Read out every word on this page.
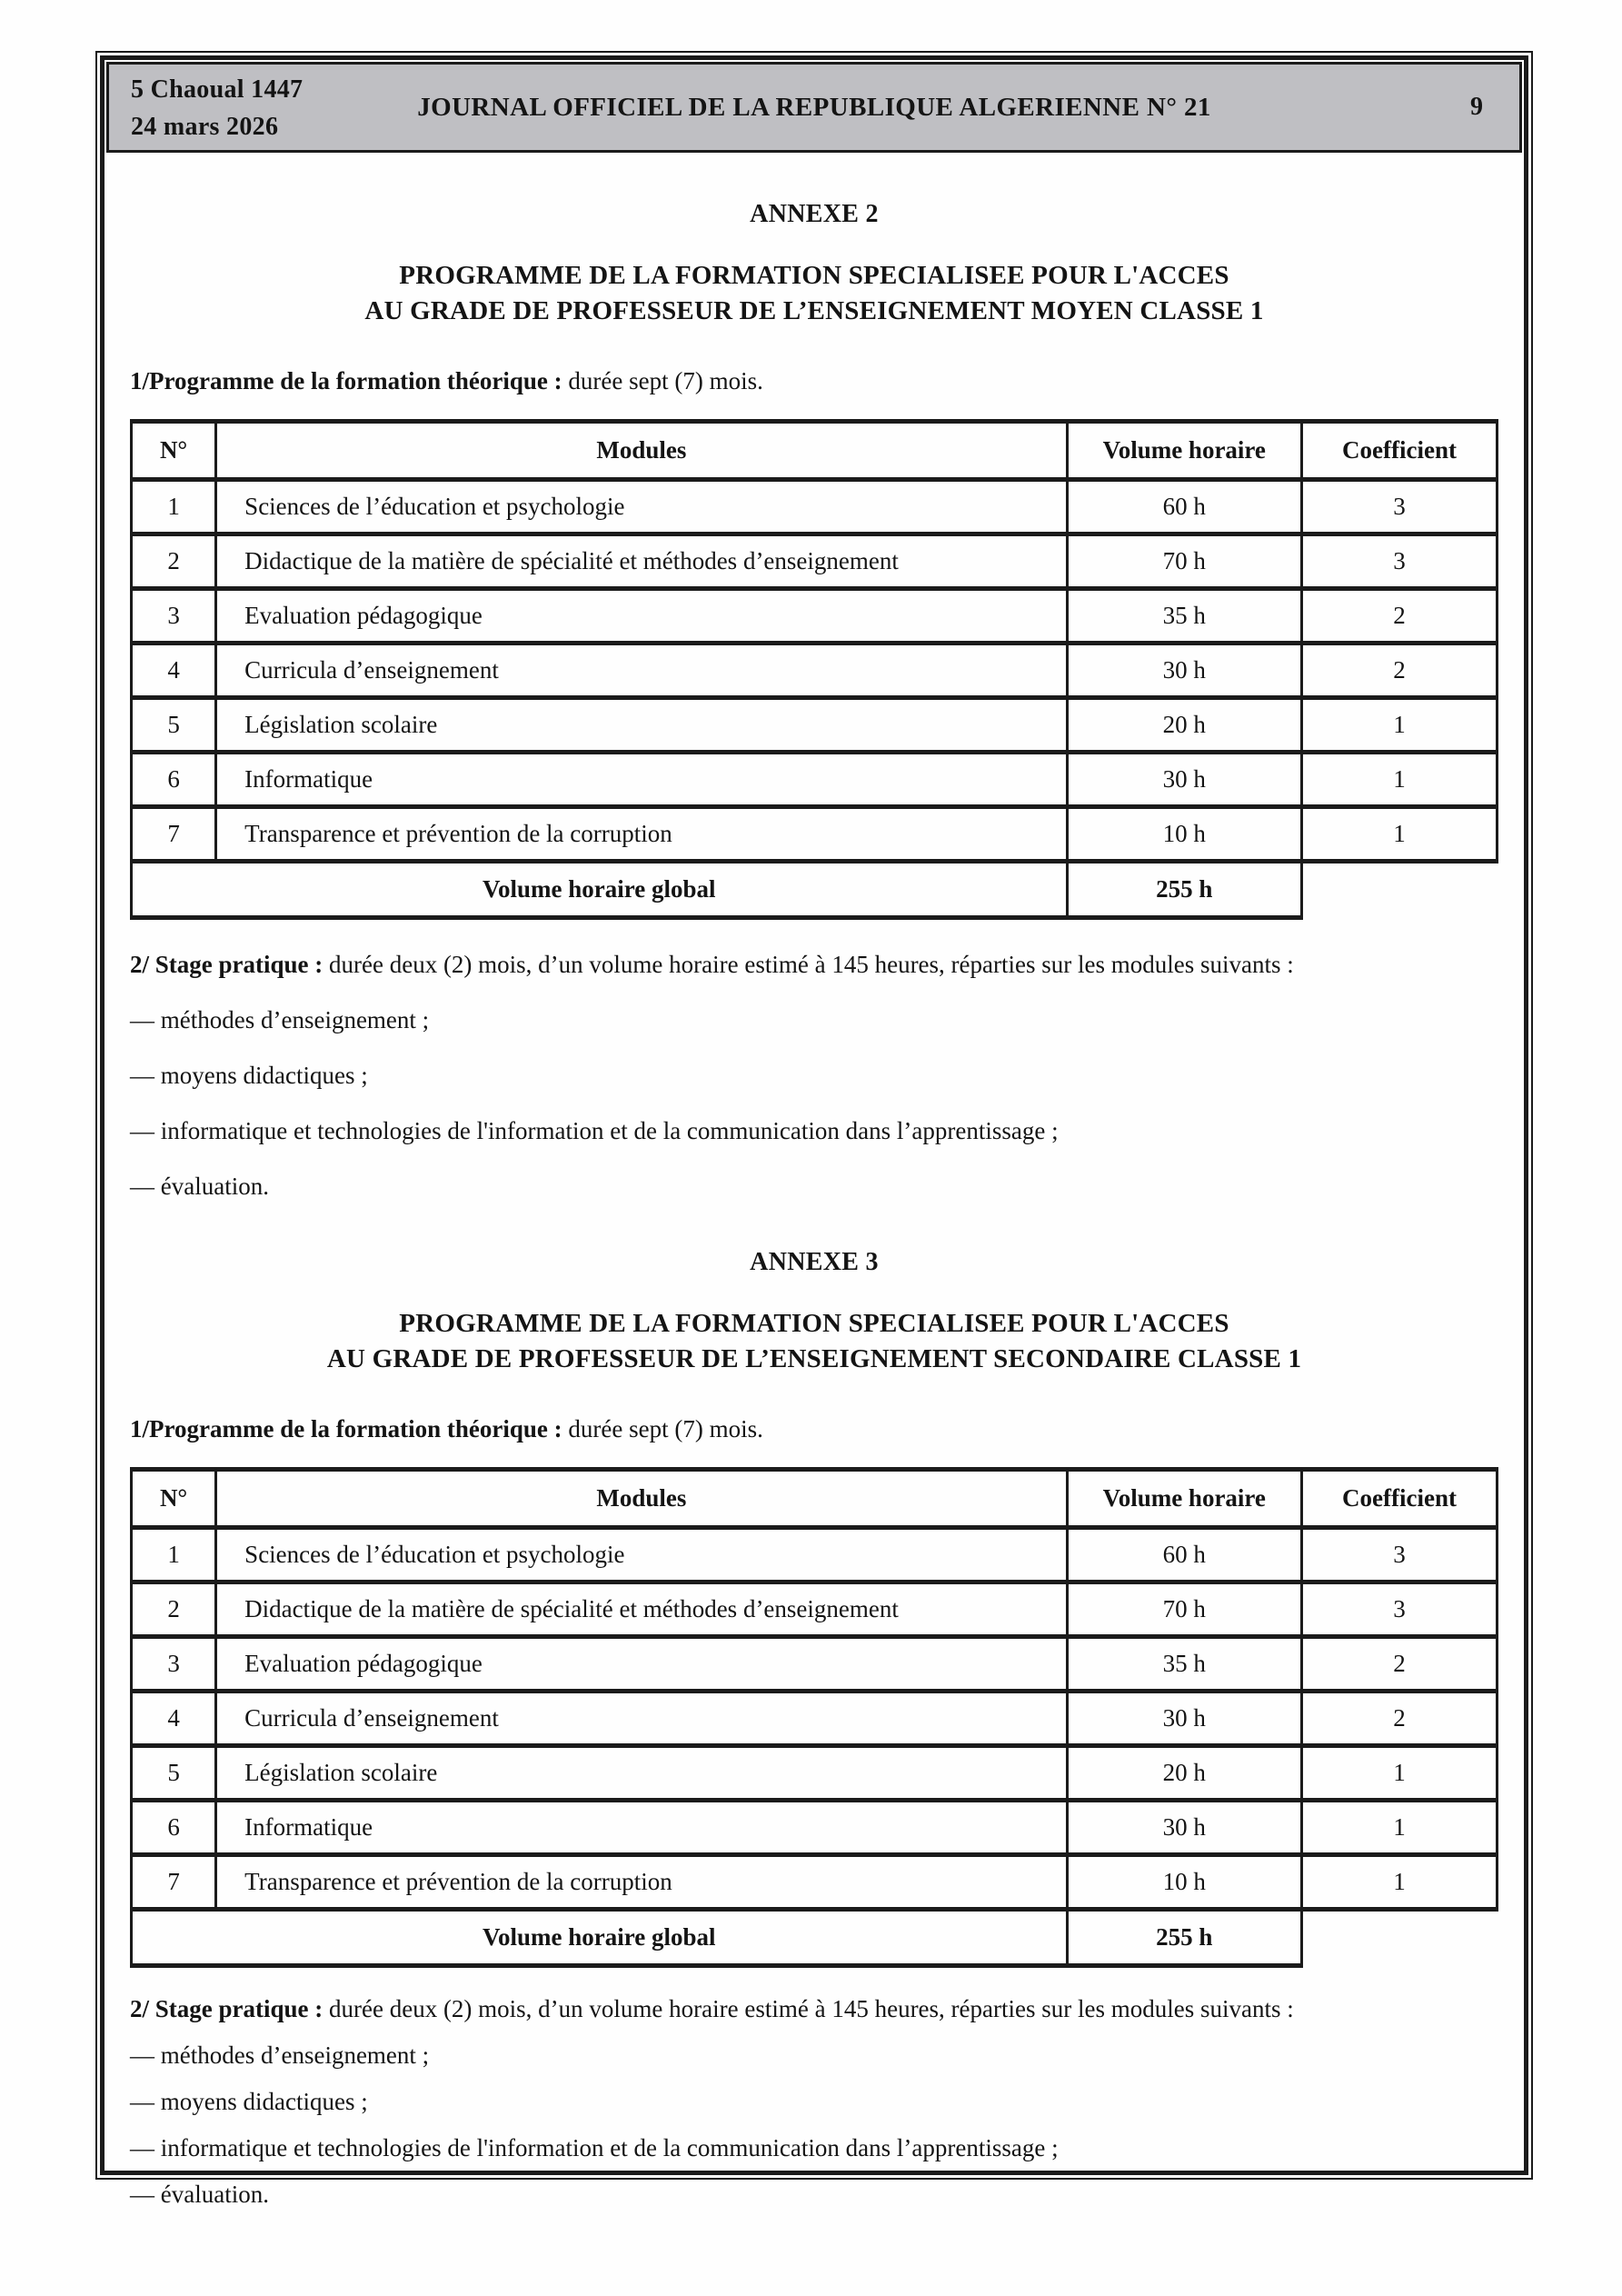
5 Chaoual 1447
24 mars 2026
JOURNAL OFFICIEL DE LA REPUBLIQUE ALGERIENNE N° 21	9
ANNEXE 2
PROGRAMME DE LA FORMATION SPECIALISEE POUR L'ACCES
AU GRADE DE PROFESSEUR DE L’ENSEIGNEMENT MOYEN CLASSE 1

1/Programme de la formation théorique : durée sept (7) mois.

N°	Modules	Volume horaire	Coefficient
1	Sciences de l’éducation et psychologie	60 h	3
2	Didactique de la matière de spécialité et méthodes d’enseignement	70 h	3
3	Evaluation pédagogique	35 h	2
4	Curricula d’enseignement	30 h	2
5	Législation scolaire	20 h	1
6	Informatique	30 h	1
7	Transparence et prévention de la corruption	10 h	1
Volume horaire global		255 h	

2/ Stage pratique : durée deux (2) mois, d’un volume horaire estimé à 145 heures, réparties sur les modules suivants :

— méthodes d’enseignement ;

— moyens didactiques ;

— informatique et technologies de l'information et de la communication dans l’apprentissage ;

— évaluation.

ANNEXE 3
PROGRAMME DE LA FORMATION SPECIALISEE POUR L'ACCES
AU GRADE DE PROFESSEUR DE L’ENSEIGNEMENT SECONDAIRE CLASSE 1

1/Programme de la formation théorique : durée sept (7) mois.

N°	Modules	Volume horaire	Coefficient
1	Sciences de l’éducation et psychologie	60 h	3
2	Didactique de la matière de spécialité et méthodes d’enseignement	70 h	3
3	Evaluation pédagogique	35 h	2
4	Curricula d’enseignement	30 h	2
5	Législation scolaire	20 h	1
6	Informatique	30 h	1
7	Transparence et prévention de la corruption	10 h	1
Volume horaire global		255 h	

2/ Stage pratique : durée deux (2) mois, d’un volume horaire estimé à 145 heures, réparties sur les modules suivants :

— méthodes d’enseignement ;

— moyens didactiques ;

— informatique et technologies de l'information et de la communication dans l’apprentissage ;

— évaluation.
